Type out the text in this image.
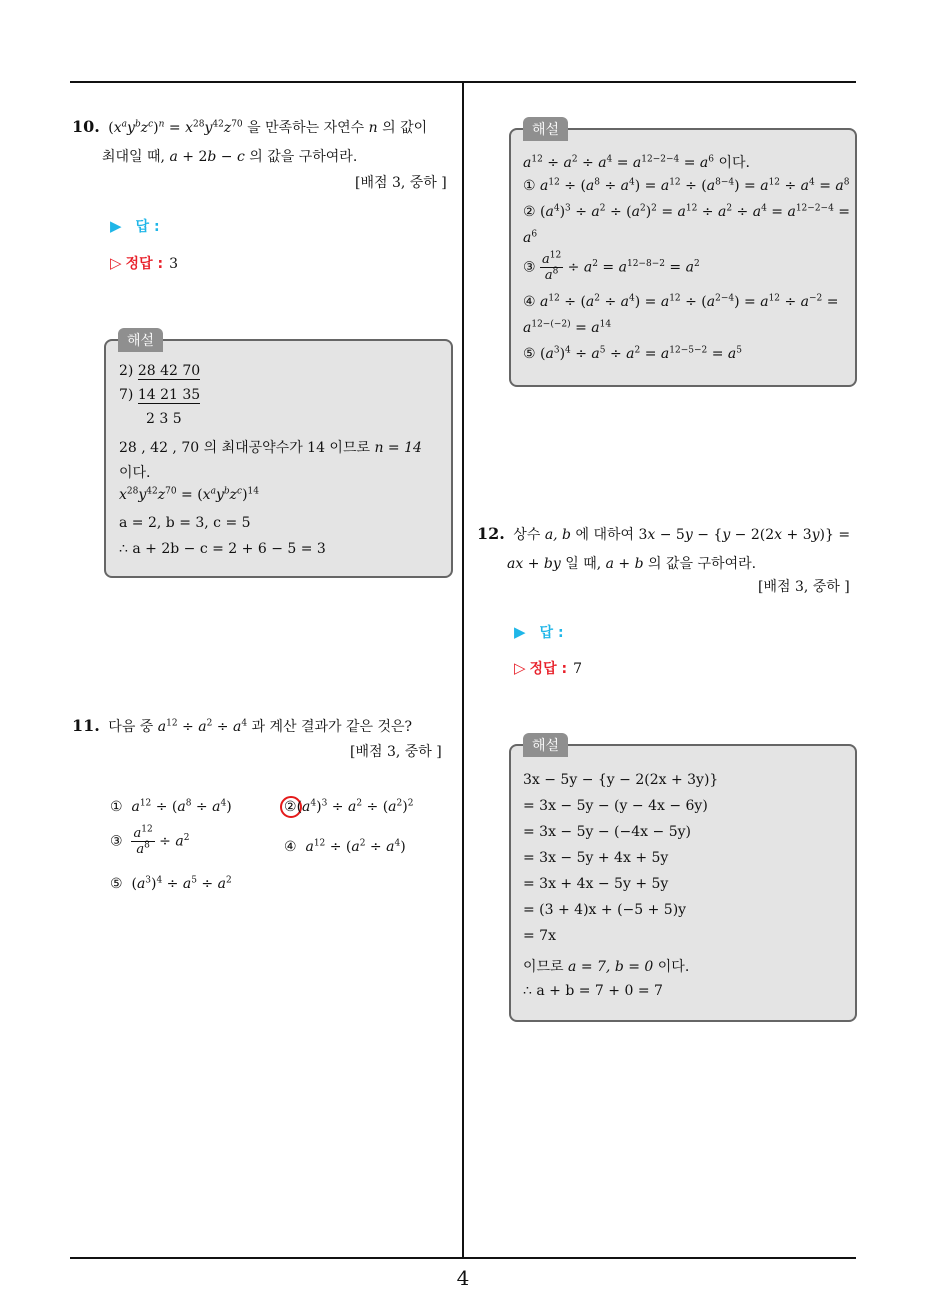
10. $(x^ay^bz^c)^n = x^{28}y^{42}z^{70}$ 을 만족하는 자연수 n 의 값이
최대일 때, a + 2b − c 의 값을 구하여라.
[배점 3, 중하 ]
▶ 답 :
▷ 정답 : 3
해설
2) 28 42 70
7) 14 21 35
2 3 5
28 , 42 , 70 의 최대공약수가 14 이므로 n = 14
이다.
$x^{28}y^{42}z^{70} = (x^ay^bz^c)^{14}$
a = 2, b = 3, c = 5
∴ a + 2b − c = 2 + 6 − 5 = 3
11. 다음 중 $a^{12} \div a^2 \div a^4$ 과 계산 결과가 같은 것은?
[배점 3, 중하 ]
① $a^{12} \div (a^8 \div a^4)$	$②(a^4)^3 \div a^2 \div (a^2)^2$
③ $\frac{a^{12}}{a^8} \div a^2$
④ $a^{12} \div (a^2 \div a^4)$
⑤  $(a^3)^4 \div a^5 \div a^2$
해설
$a^{12} \div a^2 \div a^4 = a^{12-2-4} = a^6$ 이다.
① $a^{12} \div (a^8 \div a^4) = a^{12} \div (a^{8-4}) = a^{12} \div a^4 = a^8$
② $(a^4)^3 \div a^2 \div (a^2)^2 = a^{12} \div a^2 \div a^4 = a^{12-2-4}$ =
$a^6$
③ $\frac{a^{12}}{a^8} \div a^2 = a^{12-8-2} = a^2$
④ $a^{12} \div (a^2 \div a^4) = a^{12} \div (a^{2-4}) = a^{12} \div a^{-2}$ =
$a^{12-(-2)} = a^{14}$
⑤ $(a^3)^4 \div a^5 \div a^2 = a^{12-5-2} = a^5$
12. 상수 a, b 에 대하여 3x − 5y − {y − 2(2x + 3y)} =
ax + by 일 때, a + b 의 값을 구하여라.
[배점 3, 중하 ]
▶ 답 :
▷ 정답 : 7
해설
3x − 5y − {y − 2(2x + 3y)}
= 3x − 5y − (y − 4x − 6y)
= 3x − 5y − (−4x − 5y)
= 3x − 5y + 4x + 5y
= 3x + 4x − 5y + 5y
= (3 + 4)x + (−5 + 5)y
= 7x
이므로 a = 7, b = 0 이다.
∴ a + b = 7 + 0 = 7
4
